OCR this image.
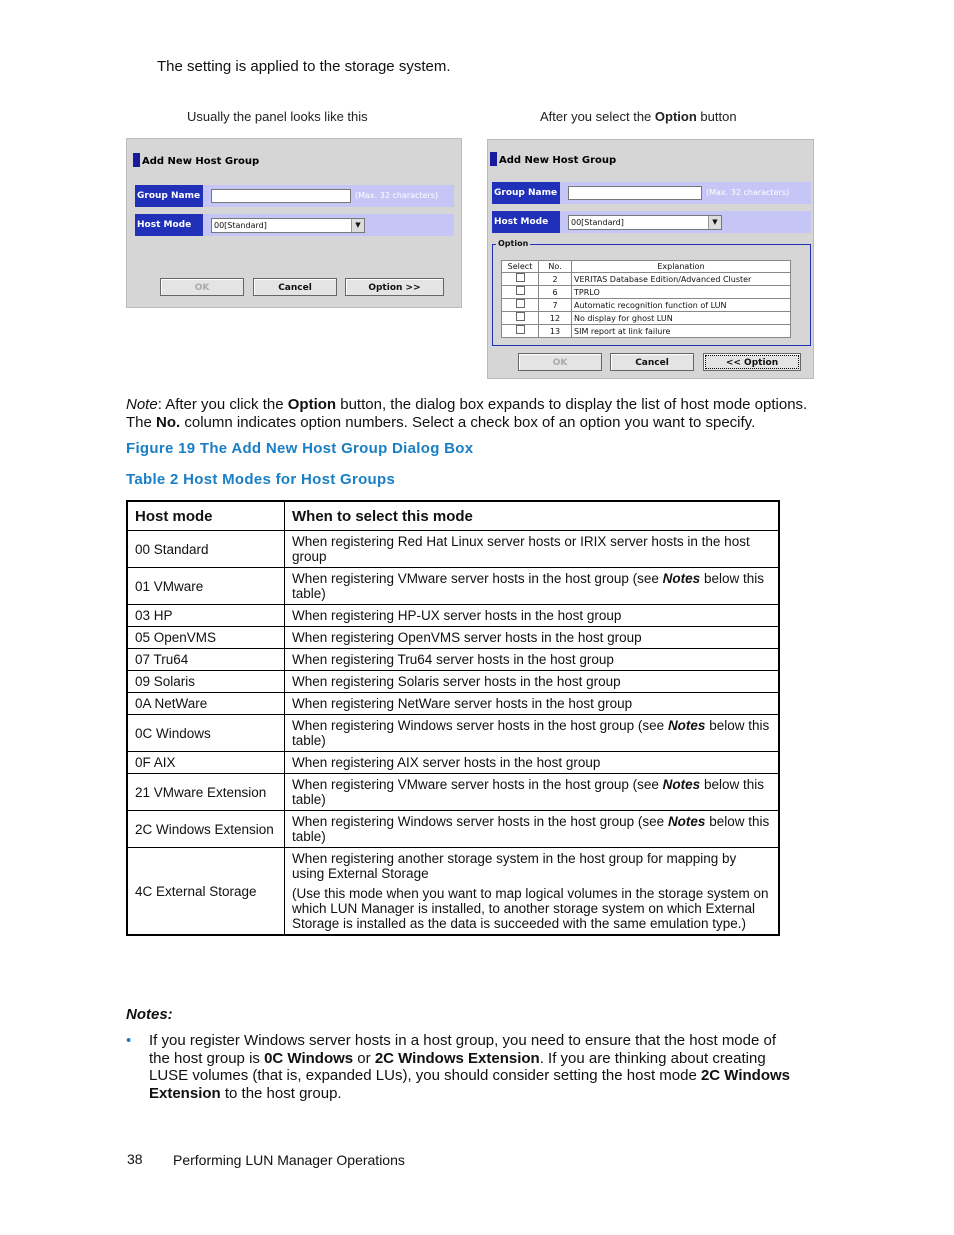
The setting is applied to the storage system.
Usually the panel looks like this	After you select the Option button
Add New Host Group
Group Name	(Max. 32 characters)
Host Mode	00[Standard]	▼
OK	Cancel	Option >>
Add New Host Group
Group Name	(Max. 32 characters)
Host Mode	00[Standard]	▼
Option
Select	No.	Explanation
	2	VERITAS Database Edition/Advanced Cluster
	6	TPRLO
	7	Automatic recognition function of LUN
	12	No display for ghost LUN
	13	SIM report at link failure
OK	Cancel	<< Option
Note: After you click the Option button, the dialog box expands to display the list of host mode options. The No. column indicates option numbers. Select a check box of an option you want to specify.
Figure 19 The Add New Host Group Dialog Box
Table 2 Host Modes for Host Groups
Host mode	When to select this mode
00 Standard	When registering Red Hat Linux server hosts or IRIX server hosts in the host group
01 VMware	When registering VMware server hosts in the host group (see Notes below this table)
03 HP	When registering HP-UX server hosts in the host group
05 OpenVMS	When registering OpenVMS server hosts in the host group
07 Tru64	When registering Tru64 server hosts in the host group
09 Solaris	When registering Solaris server hosts in the host group
0A NetWare	When registering NetWare server hosts in the host group
0C Windows	When registering Windows server hosts in the host group (see Notes below this table)
0F AIX	When registering AIX server hosts in the host group
21 VMware Extension	When registering VMware server hosts in the host group (see Notes below this table)
2C Windows Extension	When registering Windows server hosts in the host group (see Notes below this table)
4C External Storage	When registering another storage system in the host group for mapping by using External Storage
(Use this mode when you want to map logical volumes in the storage system on which LUN Manager is installed, to another storage system on which External Storage is installed as the data is succeeded with the same emulation type.)
Notes:
• If you register Windows server hosts in a host group, you need to ensure that the host mode of the host group is 0C Windows or 2C Windows Extension. If you are thinking about creating LUSE volumes (that is, expanded LUs), you should consider setting the host mode 2C Windows Extension to the host group.
38 Performing LUN Manager Operations
